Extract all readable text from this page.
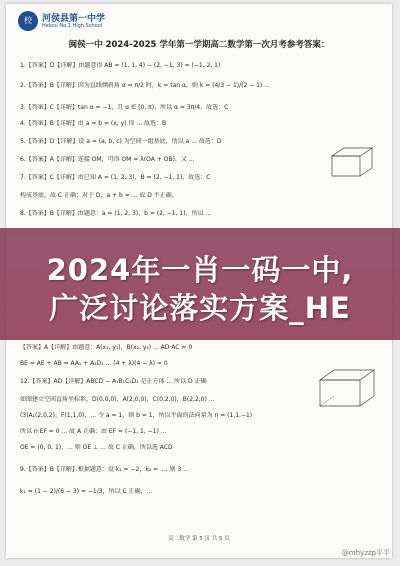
校	河侯县第一中学
Hekou No.1 High School
闽侯一中 2024-2025 学年第一学期高二数学第一次月考参考答案：
1.【答案】D【详解】由题意得 AB = (1, 1, 4) − (2, −1, 3) = (−1, 2, 1)
2.【答案】B【详解】因为直线倾斜角 α = π/2 时，k = tan α，则 k = (4/3 − 1)/(2 − 1) ...
3.【答案】C【详解】tan α = −1，且 α ∈ [0, π)，所以 α = 3π/4，故选：C
4.【答案】B【详解】由 a = b = (x, y) 得 ... 故选：B
5.【答案】D【详解】设 a = (a, b, c) 为空间一组基底，所以 a ... 故选：D
6.【答案】A【详解】连接 OM，可得 OM = λ(OA + OB)，又 ...
7.【答案】C【详解】由已知 A = (1, 2, 3)，B = (2, −1, 1)，故选：C
构成基底，故 C 正确；对于 D，a + b = ... 故 D 不正确。
8.【答案】B【详解】由题意：a = (1, 2, 3)，b = (2, −1, 1)，所以 ...
【答案】A【详解】由题意：A(x₁, y₁)，B(x₂, y₂) ... AD·AC = 0
BE = AE + AB = AA₁ + A₁D₁ ... (4 + λ)(4 − λ) = 0
12.【答案】AD【详解】ABCD − A₁B₁C₁D₁ 是正方体 ... 所以 D 正确
如图建立空间直角坐标系，D(0,0,0)，A(2,0,0)，C(0,2,0)，B(2,2,0) ...
(3)A₁(2,0,2)，F(1,1,0)，... 令 a = 1，则 b = 1，所以平面的法向量为 n = (1,1,−1)
所以 n·EF = 0 ... 故 A 正确；由 EF = (−1, 1, −1) ...
OE = (0, 0, 1)，... 则 OE ⊥ ... 故 C 正确，所以选 ACD
9.【答案】B【详解】根据题意：设 k₁ = −2，k₂ = ..., 则 3 ...
k₁ = (1 − 2)/(6 − 3) = −1/3，所以 C 正确，...
高二数学 第 5 页 共 5 页
2024年一肖一码一中,
广泛讨论落实方案_HE
@mhyzzp平平
